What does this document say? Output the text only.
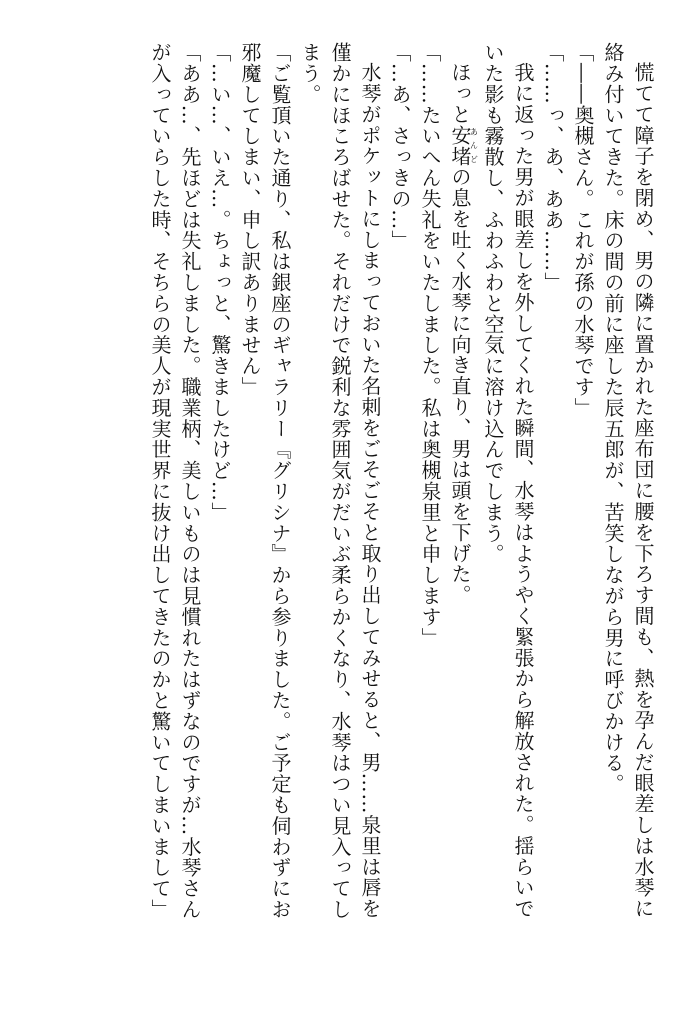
慌てて障子を閉め、男の隣に置かれた座布団に腰を下ろす間も、熱を孕んだ眼差しは水琴に
絡み付いてきた。床の間の前に座した辰五郎が、苦笑しながら男に呼びかける。
「――奥槻さん。これが孫の水琴です」
「……っ、あ、ああ……」
我に返った男が眼差しを外してくれた瞬間、水琴はようやく緊張から解放された。揺らいで
いた影も霧散し、ふわふわと空気に溶け込んでしまう。
ほっと安堵あんどの息を吐く水琴に向き直り、男は頭を下げた。
「……たいへん失礼をいたしました。私は奥槻泉里と申します」
「…あ、さっきの…」
水琴がポケットにしまっておいた名刺をごそごそと取り出してみせると、男……泉里は唇を
僅かにほころばせた。それだけで鋭利な雰囲気がだいぶ柔らかくなり、水琴はつい見入ってし
まう。
「ご覧頂いた通り、私は銀座のギャラリー『グリシナ』から参りました。ご予定も伺わずにお
邪魔してしまい、申し訳ありません」
「…い…、いえ…。ちょっと、驚きましたけど…」
「ああ…、先ほどは失礼しました。職業柄、美しいものは見慣れたはずなのですが…水琴さん
が入っていらした時、そちらの美人が現実世界に抜け出してきたのかと驚いてしまいまして」
